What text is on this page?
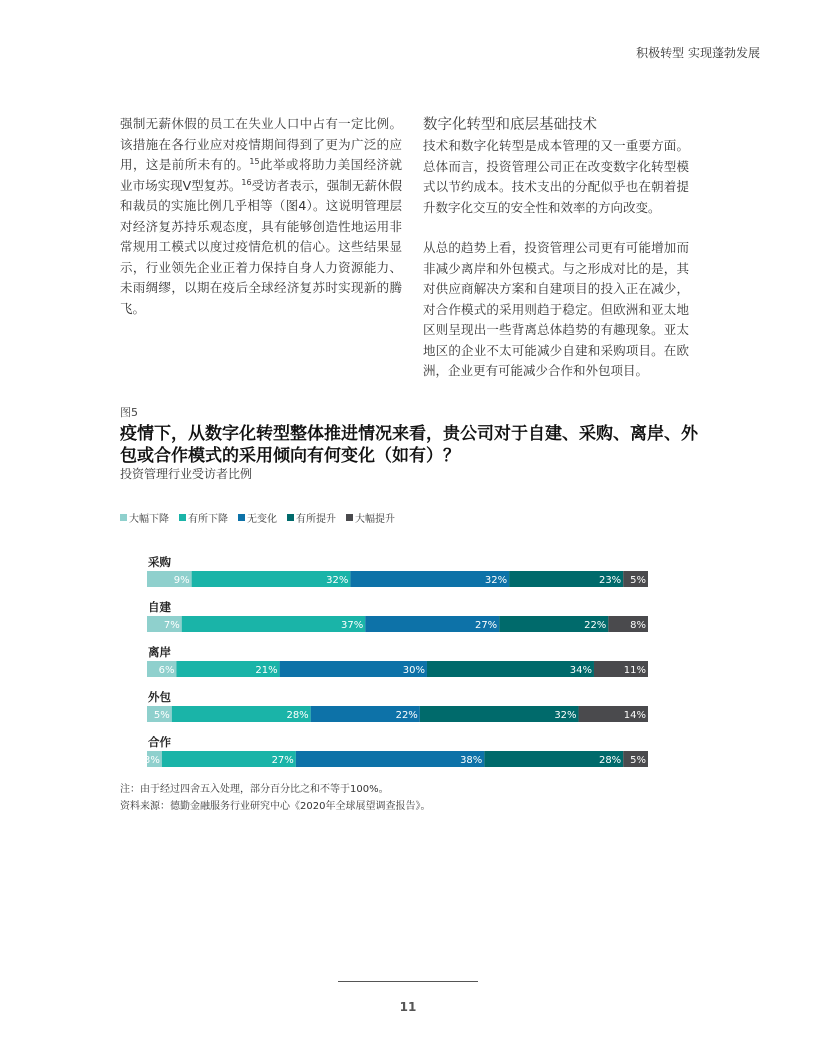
积极转型 实现蓬勃发展

强制无薪休假的员工在失业人口中占有一定比例。该措施在各行业应对疫情期间得到了更为广泛的应用，这是前所未有的。$^{15}$此举或将助力美国经济就业市场实现V型复苏。$^{16}$受访者表示，强制无薪休假和裁员的实施比例几乎相等（图4）。这说明管理层对经济复苏持乐观态度，具有能够创造性地运用非常规用工模式以度过疫情危机的信心。这些结果显示，行业领先企业正着力保持自身人力资源能力、未雨绸缪，以期在疫后全球经济复苏时实现新的腾飞。

数字化转型和底层基础技术

技术和数字化转型是成本管理的又一重要方面。总体而言，投资管理公司正在改变数字化转型模式以节约成本。技术支出的分配似乎也在朝着提升数字化交互的安全性和效率的方向改变。

从总的趋势上看，投资管理公司更有可能增加而非减少离岸和外包模式。与之形成对比的是，其对供应商解决方案和自建项目的投入正在减少，对合作模式的采用则趋于稳定。但欧洲和亚太地区则呈现出一些背离总体趋势的有趣现象。亚太地区的企业不太可能减少自建和采购项目。在欧洲，企业更有可能减少合作和外包项目。

图5

疫情下，从数字化转型整体推进情况来看，贵公司对于自建、采购、离岸、外包或合作模式的采用倾向有何变化（如有）？

投资管理行业受访者比例
大幅下降 有所下降 无变化 有所提升 大幅提升
采购
9%	32%	32%	23% 5%
自建
7%	37%	27%	22% 8%
离岸
6%	21%	30%	34%	11%
外包
5%	28%	22%	32%	14%
合作
3%	27%	38%	28% 5%
注：由于经过四舍五入处理，部分百分比之和不等于100%。
资料来源：德勤金融服务行业研究中心《2020年全球展望调查报告》。
11
